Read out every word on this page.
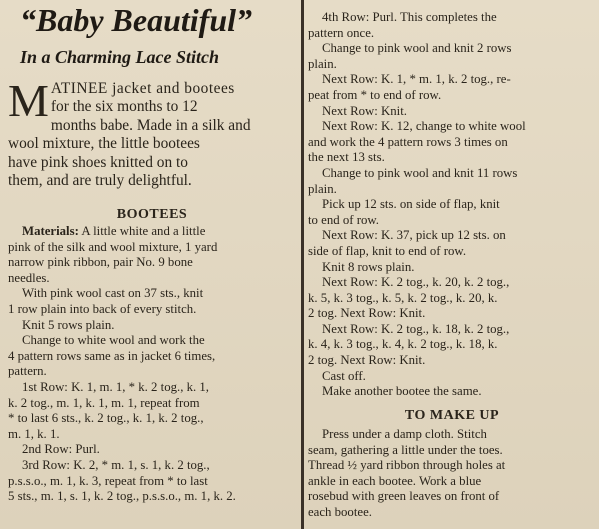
“Baby Beautiful”
In a Charming Lace Stitch
M ATINEE jacket and bootees
for the six months to 12
months babe. Made in a silk and
wool mixture, the little bootees
have pink shoes knitted on to
them, and are truly delightful.
BOOTEES
Materials: A little white and a little
pink of the silk and wool mixture, 1 yard
narrow pink ribbon, pair No. 9 bone
needles.
With pink wool cast on 37 sts., knit
1 row plain into back of every stitch.
Knit 5 rows plain.
Change to white wool and work the
4 pattern rows same as in jacket 6 times,
pattern.
1st Row: K. 1, m. 1, * k. 2 tog., k. 1,
k. 2 tog., m. 1, k. 1, m. 1, repeat from
* to last 6 sts., k. 2 tog., k. 1, k. 2 tog.,
m. 1, k. 1.
2nd Row: Purl.
3rd Row: K. 2, * m. 1, s. 1, k. 2 tog.,
p.s.s.o., m. 1, k. 3, repeat from * to last
5 sts., m. 1, s. 1, k. 2 tog., p.s.s.o., m. 1, k. 2.
4th Row: Purl. This completes the
pattern once.
Change to pink wool and knit 2 rows
plain.
Next Row: K. 1, * m. 1, k. 2 tog., re-
peat from * to end of row.
Next Row: Knit.
Next Row: K. 12, change to white wool
and work the 4 pattern rows 3 times on
the next 13 sts.
Change to pink wool and knit 11 rows
plain.
Pick up 12 sts. on side of flap, knit
to end of row.
Next Row: K. 37, pick up 12 sts. on
side of flap, knit to end of row.
Knit 8 rows plain.
Next Row: K. 2 tog., k. 20, k. 2 tog.,
k. 5, k. 3 tog., k. 5, k. 2 tog., k. 20, k.
2 tog. Next Row: Knit.
Next Row: K. 2 tog., k. 18, k. 2 tog.,
k. 4, k. 3 tog., k. 4, k. 2 tog., k. 18, k.
2 tog. Next Row: Knit.
Cast off.
Make another bootee the same.
TO MAKE UP
Press under a damp cloth. Stitch
seam, gathering a little under the toes.
Thread ½ yard ribbon through holes at
ankle in each bootee. Work a blue
rosebud with green leaves on front of
each bootee.
